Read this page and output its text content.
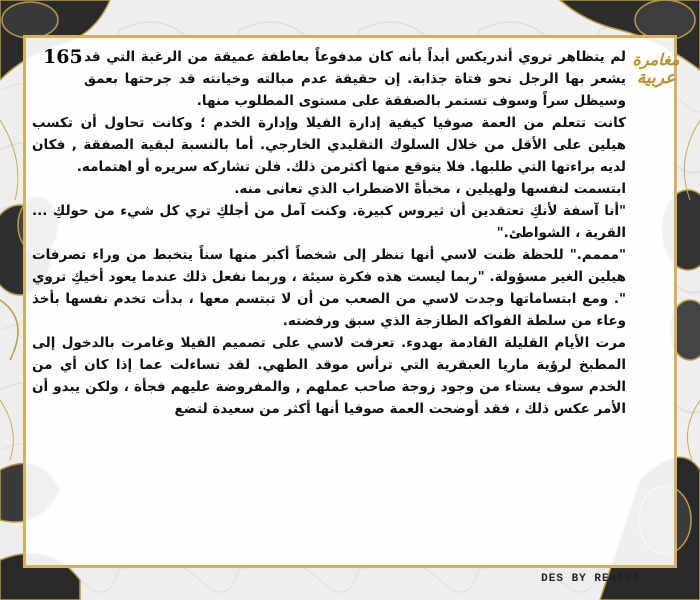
165	مغامرة
عربية

لم يتظاهر تروي أندريكس أبداً بأنه كان مدفوعاً بعاطفة عميقة من الرغبة التي قد يشعر بها الرجل نحو فتاة جذابة. إن حقيقة عدم مبالته وخيانته قد جرحتها بعمق وسيظل سراً وسوف تستمر بالصفقة على مستوى المطلوب منها.

كانت تتعلم من العمة صوفيا كيفية إدارة الفيلا وإدارة الخدم ؛ وكانت تحاول أن تكسب هيلين على الأقل من خلال السلوك التقليدي الخارجي. أما بالنسبة لبقية الصفقة , فكان لديه براءتها التي طلبها. فلا يتوقع منها أكثرمن ذلك. فلن تشاركه سريره أو اهتمامه.

ابتسمت لنفسها ولهيلين ، مخبأةً الاضطراب الذي تعانى منه.

"أنا آسفة لأنكِ تعتقدين أن ثيروس كبيرة. وكنت آمل من أجلكِ تري كل شيء من حولكِ ... القرية ، الشواطئ."

"مممم." للحظة ظنت لاسي أنها تنظر إلى شخصاً أكبر منها سناً يتخبط من وراء تصرفات هيلين الغير مسؤولة. "ربما ليست هذه فكرة سيئة ، وربما نفعل ذلك عندما يعود أخيكِ تروي ". ومع ابتساماتها وجدت لاسي من الصعب من أن لا تبتسم معها ، بدأت تخدم نفسها بأخذ وعاء من سلطة الفواكه الطازجة الذي سبق ورفضته.

مرت الأيام القليلة القادمة بهدوء. تعرفت لاسي على تصميم الفيلا وغامرت بالدخول إلى المطبخ لرؤية ماريا العبقرية التي ترأس موقد الطهي. لقد تساءلت عما إذا كان أي من الخدم سوف يستاء من وجود زوجة صاحب عملهم , والمفروضة عليهم فجأة ، ولكن يبدو أن الأمر عكس ذلك ، فقد أوضحت العمة صوفيا أنها أكثر من سعيدة لتضع

DES BY REHANA
